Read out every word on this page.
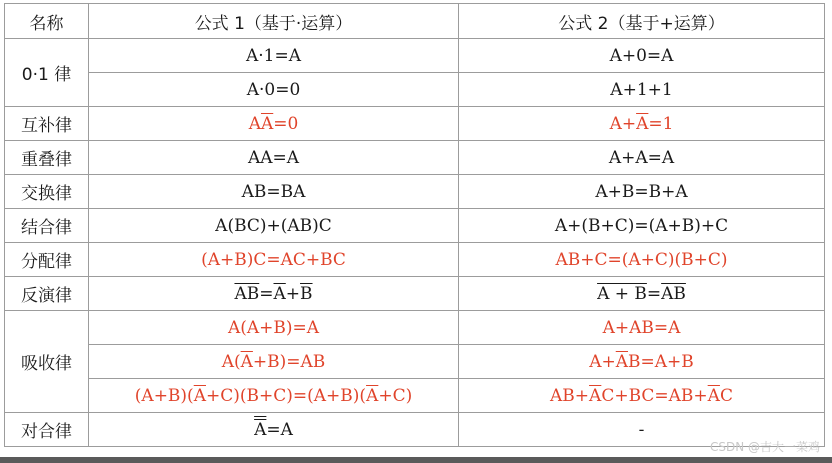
名称	公式 1（基于·运算）	公式 2（基于+运算）
0·1 律	A·1=A	A+0=A
	A·0=0	A+1+1
互补律	$A\overline{A}=0$	$A+\overline{A}=1$
重叠律	AA=A	A+A=A
交换律	AB=BA	A+B=B+A
结合律	A(BC)+(AB)C	A+(B+C)=(A+B)+C
分配律	(A+B)C=AC+BC	AB+C=(A+C)(B+C)
反演律	$\overline{AB}=\overline{A}+\overline{B}$	$A + B=\overline{AB}$
吸收律	A(A+B)=A	A+AB=A
	$A(\overline{A}+B)=AB$	$A+\overline{A}B=A+B$
	$(A+B)(\overline{A}+C)(B+C)=(A+B)(\overline{A}+C)$	$AB+\overline{A}C+BC=AB+\overline{A}C$
对合律	A=A	-
CSDN @吉大一菜鸡
